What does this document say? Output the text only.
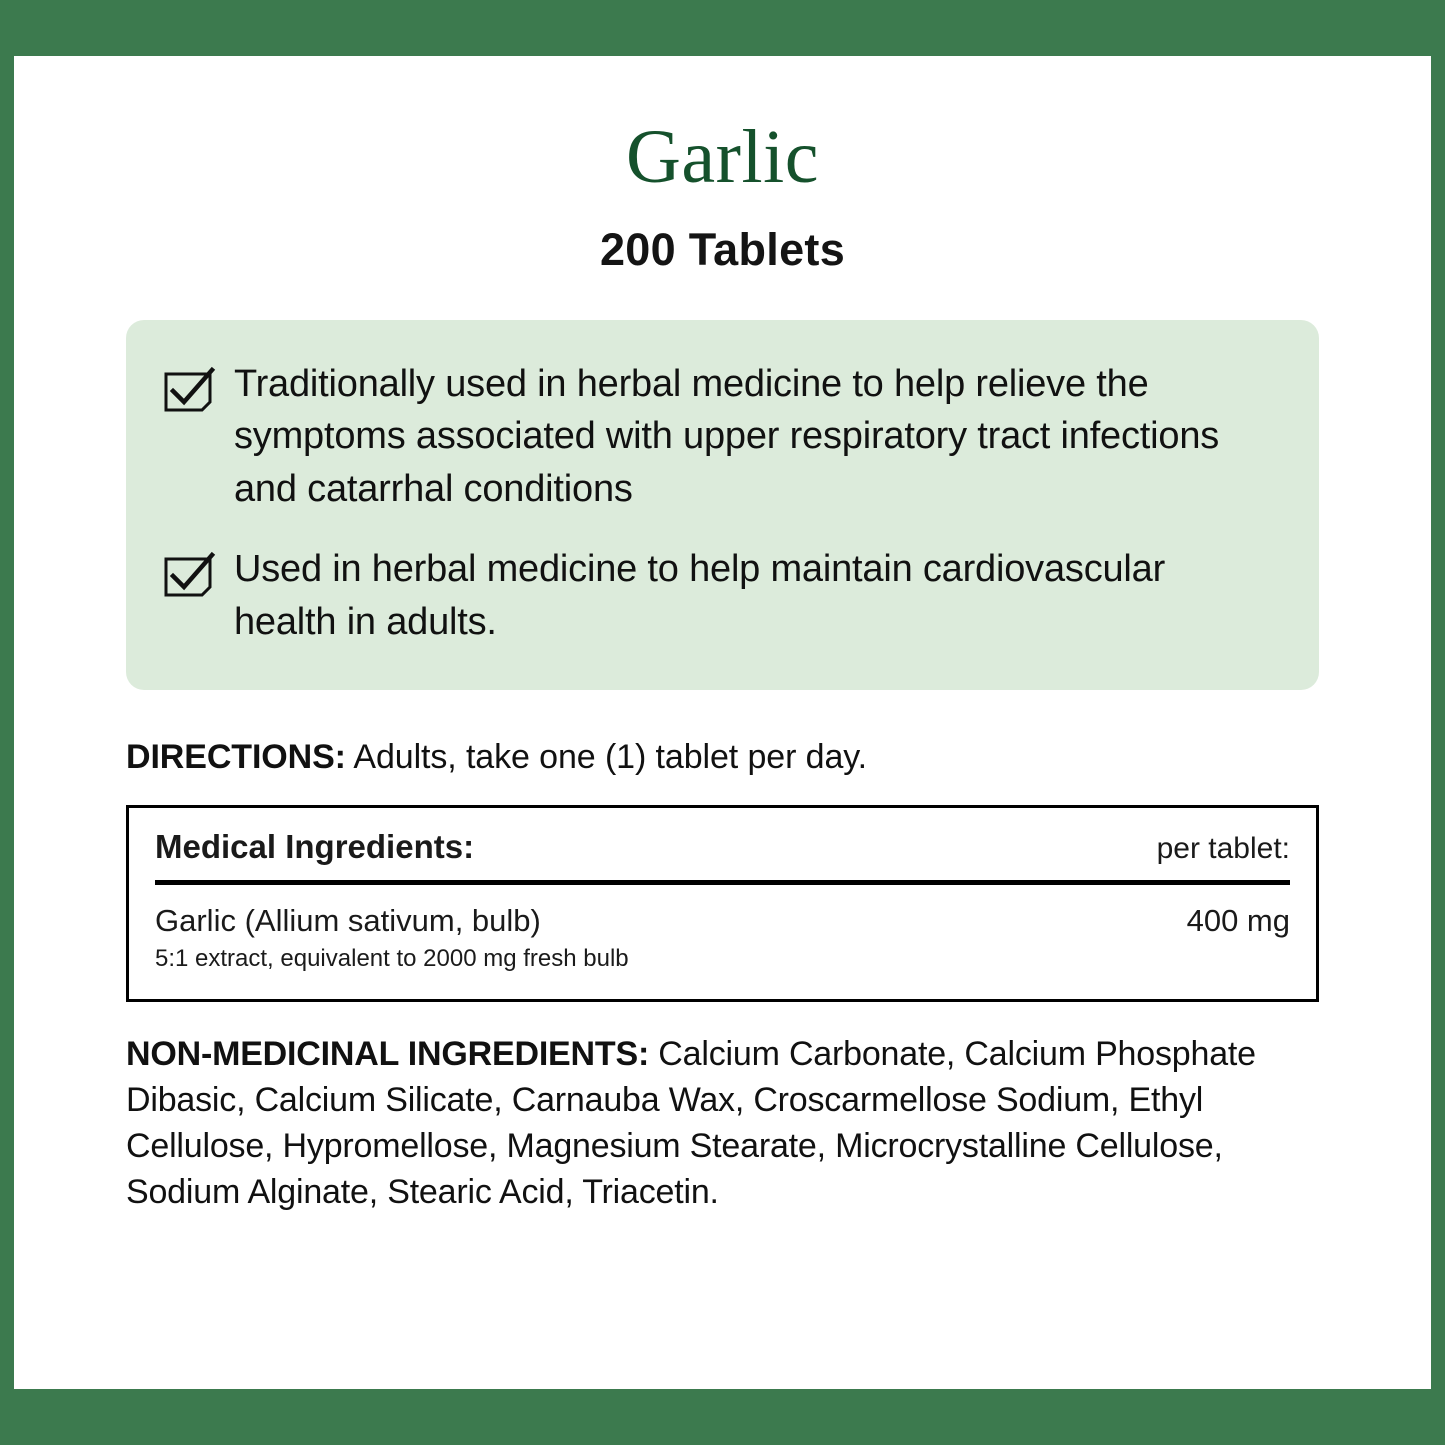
Garlic
200 Tablets
Traditionally used in herbal medicine to help relieve the symptoms associated with upper respiratory tract infections and catarrhal conditions
Used in herbal medicine to help maintain cardiovascular health in adults.
DIRECTIONS: Adults, take one (1) tablet per day.
Medical Ingredients:	per tablet:
Garlic (Allium sativum, bulb)	400 mg
5:1 extract, equivalent to 2000 mg fresh bulb
NON-MEDICINAL INGREDIENTS: Calcium Carbonate, Calcium Phosphate Dibasic, Calcium Silicate, Carnauba Wax, Croscarmellose Sodium, Ethyl Cellulose, Hypromellose, Magnesium Stearate, Microcrystalline Cellulose, Sodium Alginate, Stearic Acid, Triacetin.
